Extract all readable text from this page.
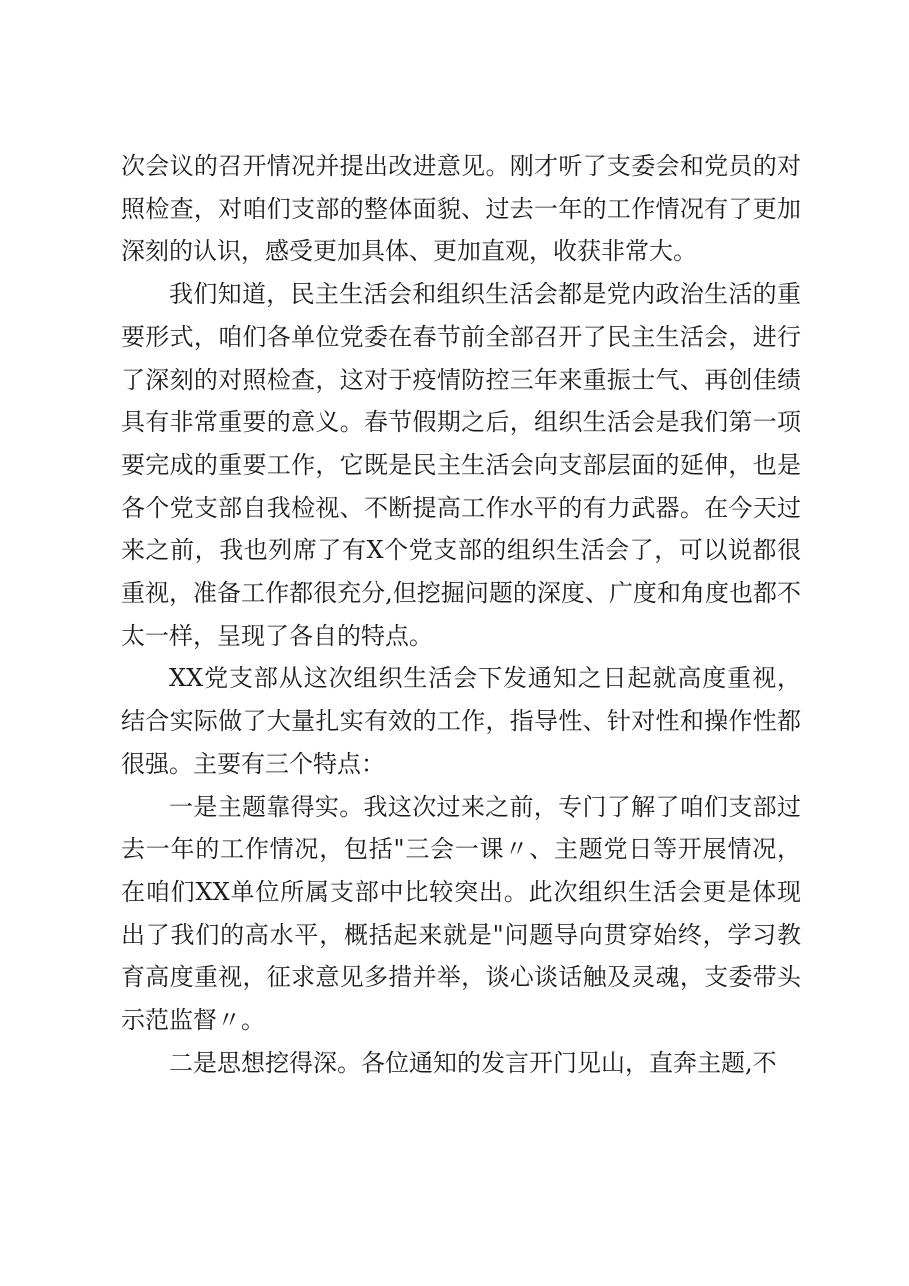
次会议的召开情况并提出改进意见。刚才听了支委会和党员的对照检查，对咱们支部的整体面貌、过去一年的工作情况有了更加深刻的认识，感受更加具体、更加直观，收获非常大。

我们知道，民主生活会和组织生活会都是党内政治生活的重要形式，咱们各单位党委在春节前全部召开了民主生活会，进行了深刻的对照检查，这对于疫情防控三年来重振士气、再创佳绩具有非常重要的意义。春节假期之后，组织生活会是我们第一项要完成的重要工作，它既是民主生活会向支部层面的延伸，也是各个党支部自我检视、不断提高工作水平的有力武器。在今天过来之前，我也列席了有X个党支部的组织生活会了，可以说都很重视，准备工作都很充分,但挖掘问题的深度、广度和角度也都不太一样，呈现了各自的特点。

XX党支部从这次组织生活会下发通知之日起就高度重视，结合实际做了大量扎实有效的工作，指导性、针对性和操作性都很强。主要有三个特点：

一是主题靠得实。我这次过来之前，专门了解了咱们支部过去一年的工作情况，包括"三会一课〃、主题党日等开展情况，在咱们XX单位所属支部中比较突出。此次组织生活会更是体现出了我们的高水平，概括起来就是"问题导向贯穿始终，学习教育高度重视，征求意见多措并举，谈心谈话触及灵魂，支委带头示范监督〃。

二是思想挖得深。各位通知的发言开门见山，直奔主题,不
